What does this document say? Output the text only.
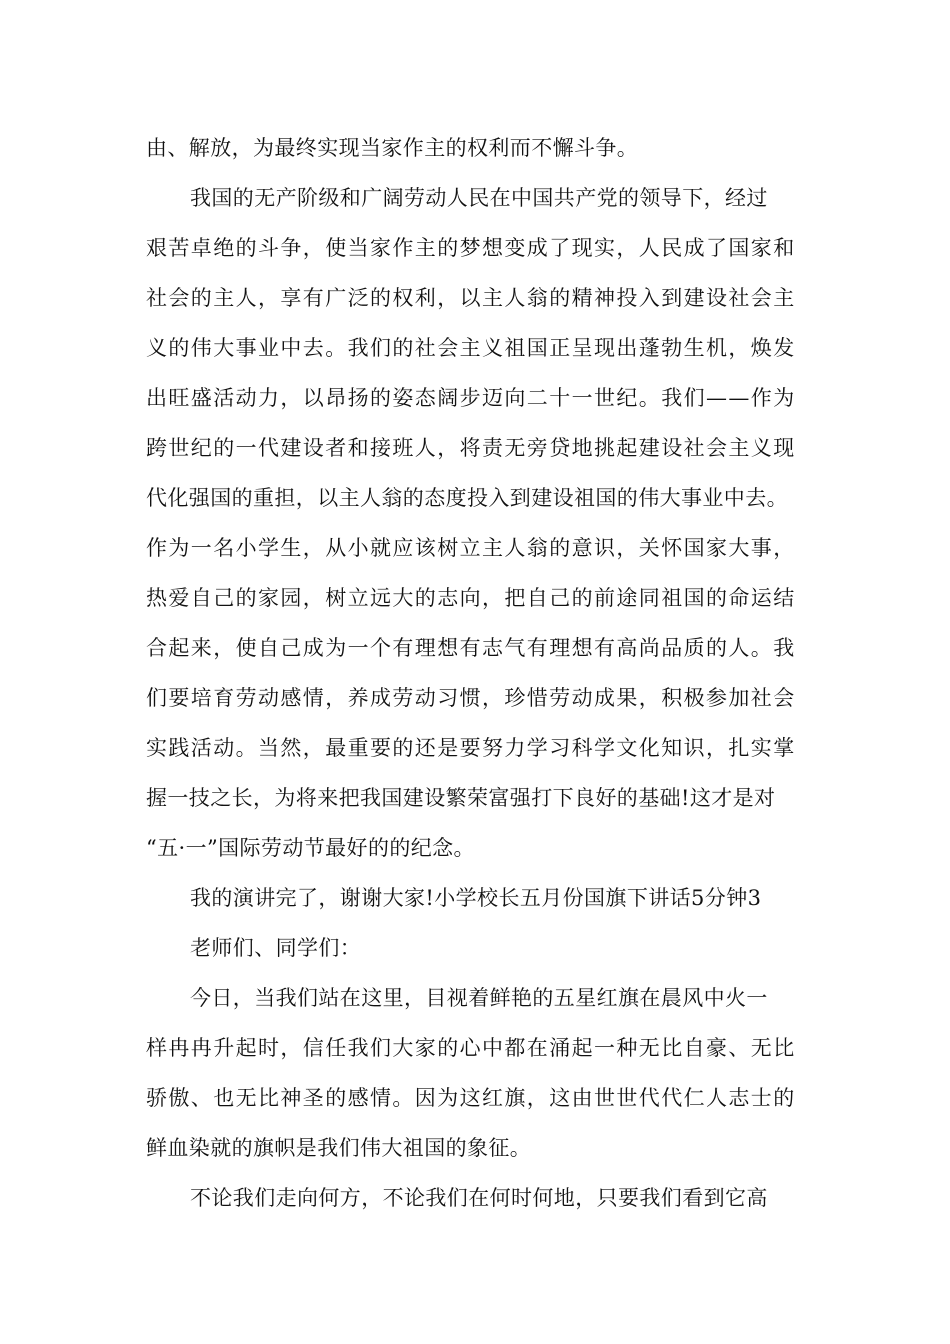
由、解放，为最终实现当家作主的权利而不懈斗争。

我国的无产阶级和广阔劳动人民在中国共产党的领导下，经过

艰苦卓绝的斗争，使当家作主的梦想变成了现实，人民成了国家和

社会的主人，享有广泛的权利，以主人翁的精神投入到建设社会主

义的伟大事业中去。我们的社会主义祖国正呈现出蓬勃生机，焕发

出旺盛活动力，以昂扬的姿态阔步迈向二十一世纪。我们——作为

跨世纪的一代建设者和接班人，将责无旁贷地挑起建设社会主义现

代化强国的重担，以主人翁的态度投入到建设祖国的伟大事业中去。

作为一名小学生，从小就应该树立主人翁的意识，关怀国家大事，

热爱自己的家园，树立远大的志向，把自己的前途同祖国的命运结

合起来，使自己成为一个有理想有志气有理想有高尚品质的人。我

们要培育劳动感情，养成劳动习惯，珍惜劳动成果，积极参加社会

实践活动。当然，最重要的还是要努力学习科学文化知识，扎实掌

握一技之长，为将来把我国建设繁荣富强打下良好的基础!这才是对

“五·一”国际劳动节最好的的纪念。

我的演讲完了，谢谢大家!小学校长五月份国旗下讲话5分钟3

老师们、同学们：

今日，当我们站在这里，目视着鲜艳的五星红旗在晨风中火一

样冉冉升起时，信任我们大家的心中都在涌起一种无比自豪、无比

骄傲、也无比神圣的感情。因为这红旗，这由世世代代仁人志士的

鲜血染就的旗帜是我们伟大祖国的象征。

不论我们走向何方，不论我们在何时何地，只要我们看到它高
